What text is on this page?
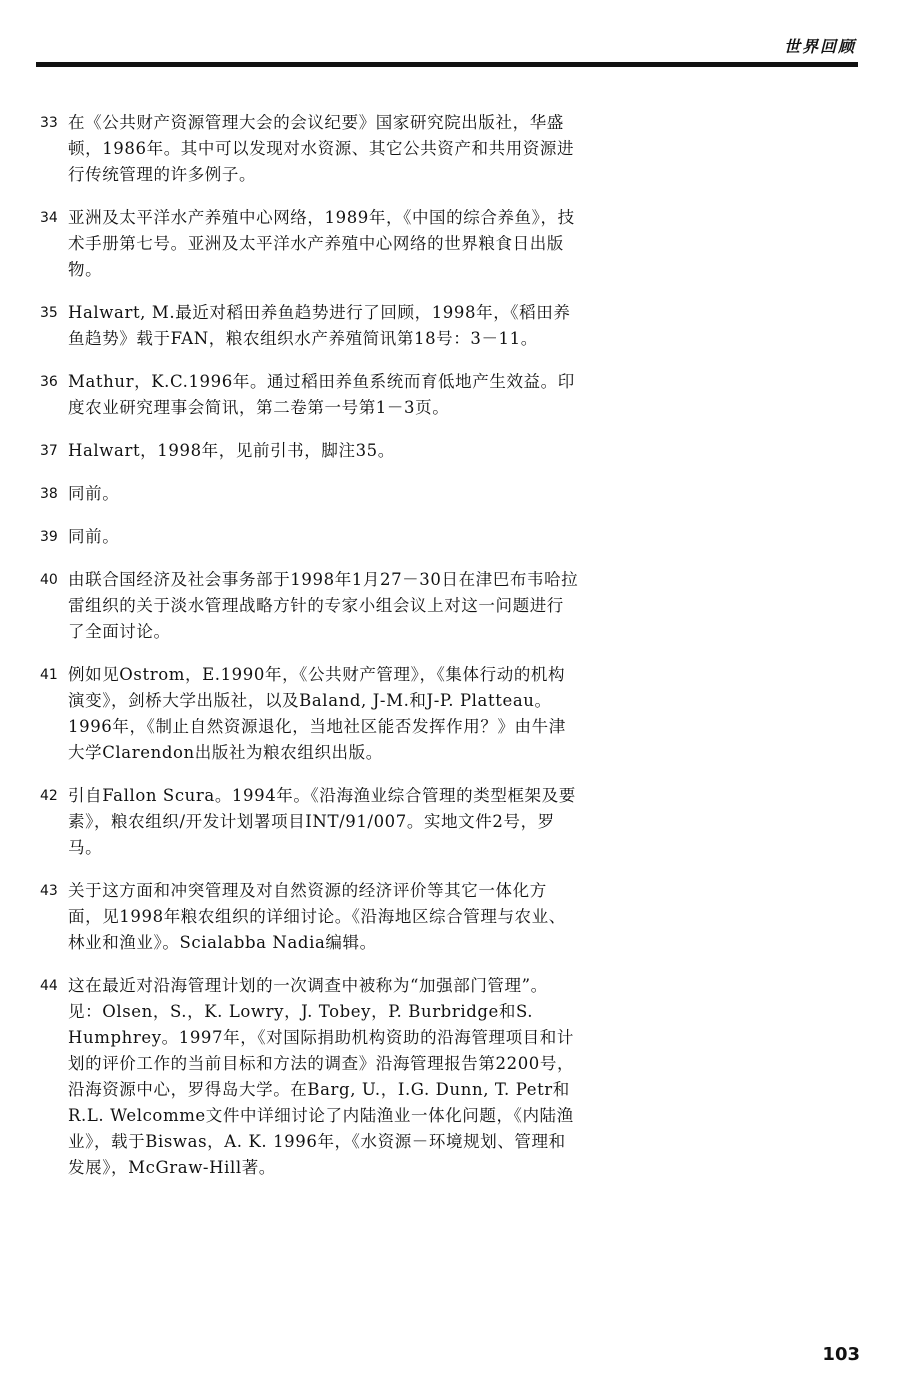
世界回顾
33 在《公共财产资源管理大会的会议纪要》国家研究院出版社，华盛顿，1986年。其中可以发现对水资源、其它公共资产和共用资源进行传统管理的许多例子。
34 亚洲及太平洋水产养殖中心网络，1989年，《中国的综合养鱼》，技术手册第七号。亚洲及太平洋水产养殖中心网络的世界粮食日出版物。
35 Halwart, M.最近对稻田养鱼趋势进行了回顾，1998年，《稻田养鱼趋势》载于FAN，粮农组织水产养殖简讯第18号：3－11。
36 Mathur，K.C.1996年。通过稻田养鱼系统而育低地产生效益。印度农业研究理事会简讯，第二卷第一号第1－3页。
37 Halwart，1998年，见前引书，脚注35。
38 同前。
39 同前。
40 由联合国经济及社会事务部于1998年1月27－30日在津巴布韦哈拉雷组织的关于淡水管理战略方针的专家小组会议上对这一问题进行了全面讨论。
41 例如见Ostrom，E.1990年，《公共财产管理》，《集体行动的机构演变》，剑桥大学出版社，以及Baland, J-M.和J-P. Platteau。1996年，《制止自然资源退化，当地社区能否发挥作用？》由牛津大学Clarendon出版社为粮农组织出版。
42 引自Fallon Scura。1994年。《沿海渔业综合管理的类型框架及要素》，粮农组织/开发计划署项目INT/91/007。实地文件2号，罗马。
43 关于这方面和冲突管理及对自然资源的经济评价等其它一体化方面，见1998年粮农组织的详细讨论。《沿海地区综合管理与农业、林业和渔业》。Scialabba Nadia编辑。
44 这在最近对沿海管理计划的一次调查中被称为“加强部门管理”。见：Olsen，S.，K. Lowry，J. Tobey，P. Burbridge和S. Humphrey。1997年，《对国际捐助机构资助的沿海管理项目和计划的评价工作的当前目标和方法的调查》沿海管理报告第2200号，沿海资源中心，罗得岛大学。在Barg, U.，I.G. Dunn, T. Petr和R.L. Welcomme文件中详细讨论了内陆渔业一体化问题，《内陆渔业》，载于Biswas，A. K. 1996年，《水资源－环境规划、管理和发展》，McGraw-Hill著。
103
